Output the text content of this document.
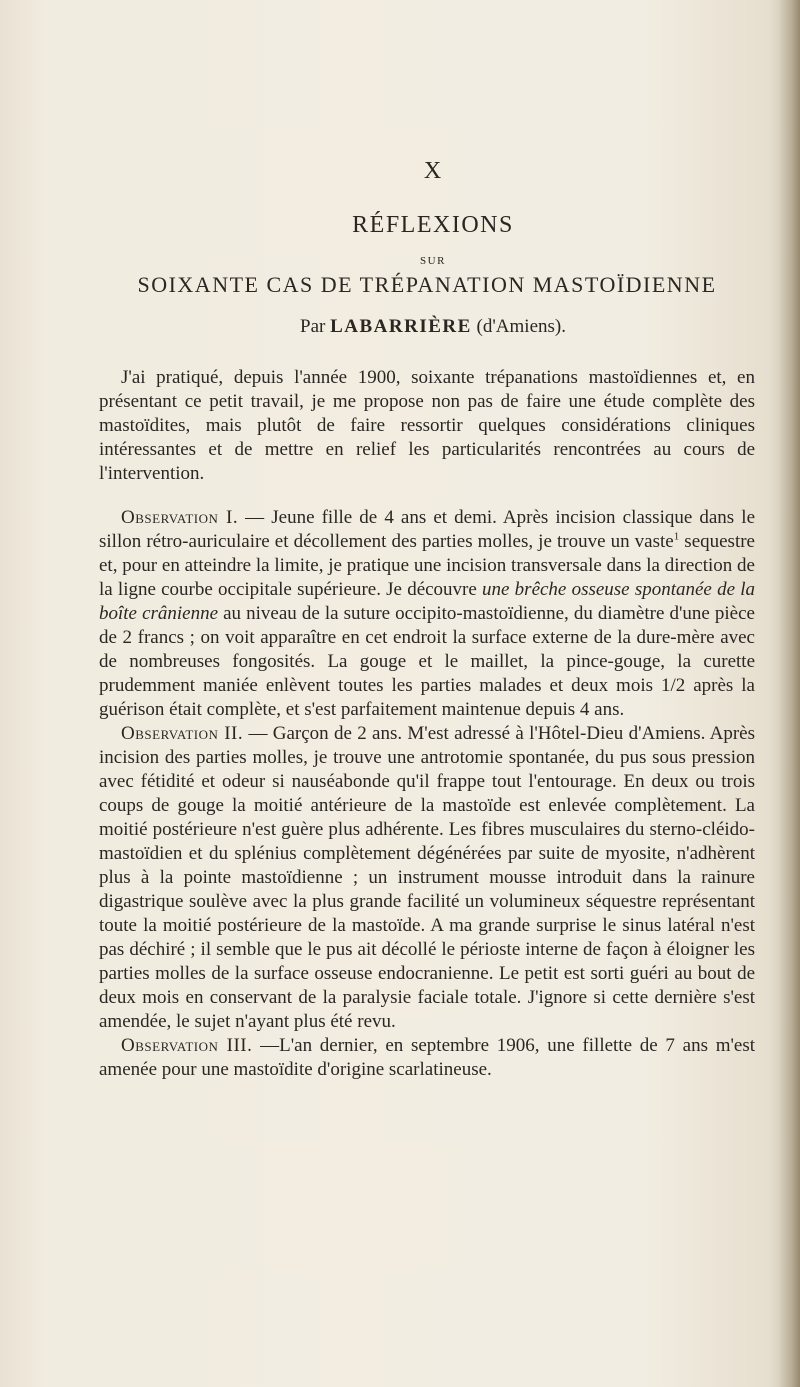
X
RÉFLEXIONS
SUR
SOIXANTE CAS DE TRÉPANATION MASTOÏDIENNE
Par LABARRIÈRE (d'Amiens).

J'ai pratiqué, depuis l'année 1900, soixante trépanations mastoïdiennes et, en présentant ce petit travail, je me propose non pas de faire une étude complète des mastoïdites, mais plutôt de faire ressortir quelques considérations cliniques intéressantes et de mettre en relief les particularités rencontrées au cours de l'intervention.

Observation I. — Jeune fille de 4 ans et demi. Après incision classique dans le sillon rétro-auriculaire et décollement des parties molles, je trouve un vaste$^1$ sequestre et, pour en atteindre la limite, je pratique une incision transversale dans la direction de la ligne courbe occipitale supérieure. Je découvre une brêche osseuse spontanée de la boîte crânienne au niveau de la suture occipito-mastoïdienne, du diamètre d'une pièce de 2 francs ; on voit apparaître en cet endroit la surface externe de la dure-mère avec de nombreuses fongosités. La gouge et le maillet, la pince-gouge, la curette prudemment maniée enlèvent toutes les parties malades et deux mois 1/2 après la guérison était complète, et s'est parfaitement maintenue depuis 4 ans.

Observation II. — Garçon de 2 ans. M'est adressé à l'Hôtel-Dieu d'Amiens. Après incision des parties molles, je trouve une antrotomie spontanée, du pus sous pression avec fétidité et odeur si nauséabonde qu'il frappe tout l'entourage. En deux ou trois coups de gouge la moitié antérieure de la mastoïde est enlevée complètement. La moitié postérieure n'est guère plus adhérente. Les fibres musculaires du sterno-cléido-mastoïdien et du splénius complètement dégénérées par suite de myosite, n'adhèrent plus à la pointe mastoïdienne ; un instrument mousse introduit dans la rainure digastrique soulève avec la plus grande facilité un volumineux séquestre représentant toute la moitié postérieure de la mastoïde. A ma grande surprise le sinus latéral n'est pas déchiré ; il semble que le pus ait décollé le périoste interne de façon à éloigner les parties molles de la surface osseuse endocranienne. Le petit est sorti guéri au bout de deux mois en conservant de la paralysie faciale totale. J'ignore si cette dernière s'est amendée, le sujet n'ayant plus été revu.

Observation III. —L'an dernier, en septembre 1906, une fillette de 7 ans m'est amenée pour une mastoïdite d'origine scarlatineuse.
